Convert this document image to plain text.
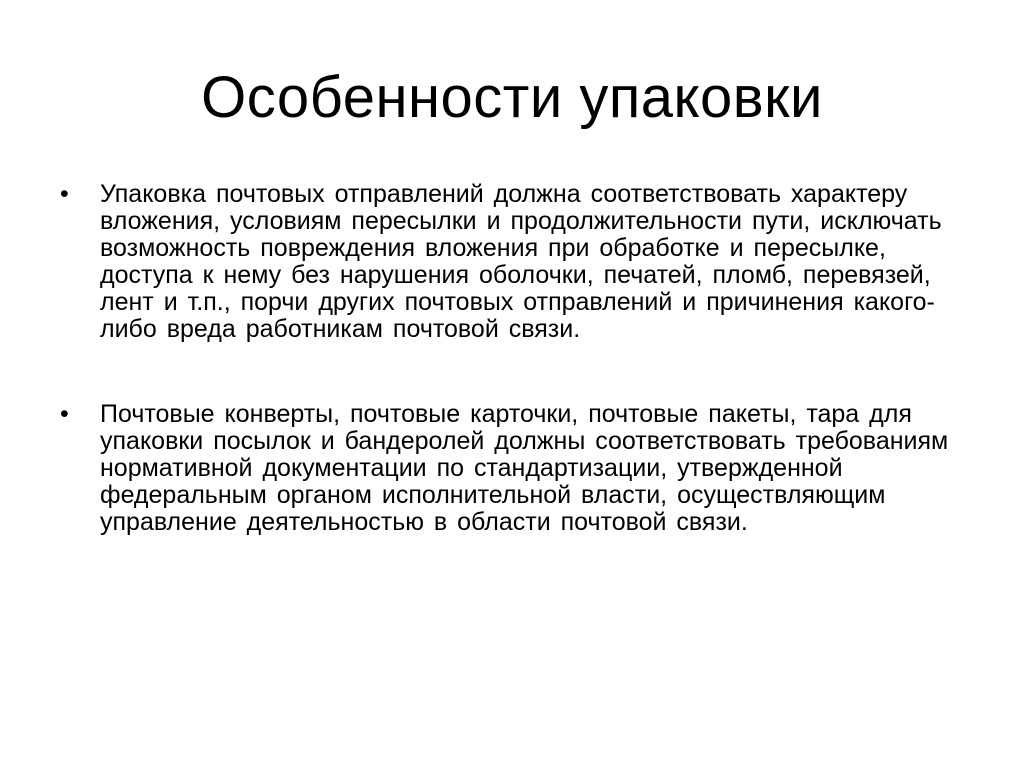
Особенности упаковки
•	Упаковка почтовых отправлений должна соответствовать характеру вложения, условиям пересылки и продолжительности пути, исключать возможность повреждения вложения при обработке и пересылке, доступа к нему без нарушения оболочки, печатей, пломб, перевязей, лент и т.п., порчи других почтовых отправлений и причинения какого-либо вреда работникам почтовой связи.
•	Почтовые конверты, почтовые карточки, почтовые пакеты, тара для упаковки посылок и бандеролей должны соответствовать требованиям нормативной документации по стандартизации, утвержденной федеральным органом исполнительной власти, осуществляющим управление деятельностью в области почтовой связи.
